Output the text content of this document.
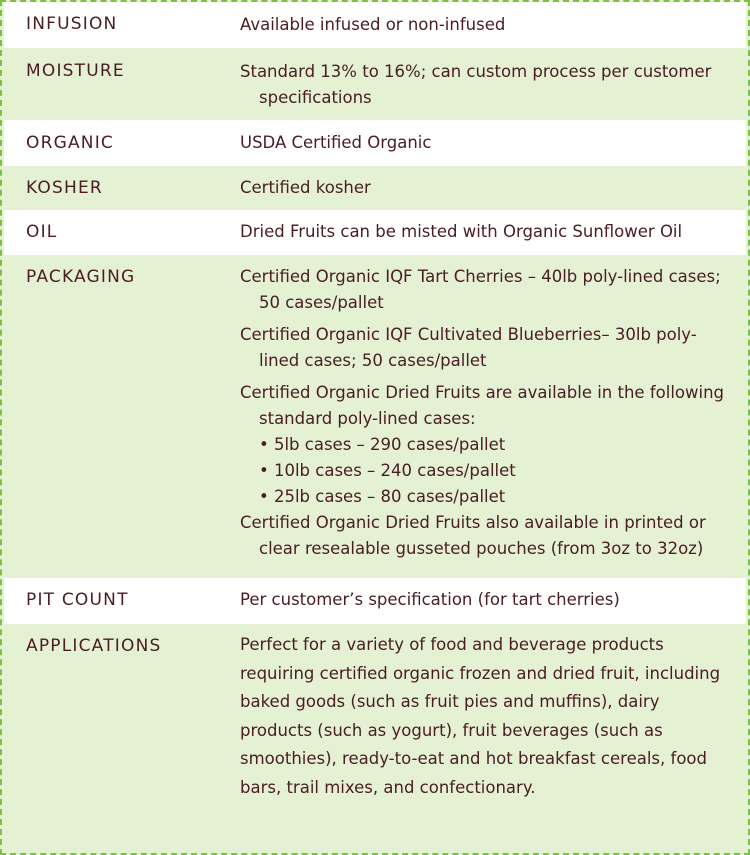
INFUSION	Available infused or non-infused
MOISTURE	Standard 13% to 16%; can custom process per customer specifications
ORGANIC	USDA Certified Organic
KOSHER	Certified kosher
OIL	Dried Fruits can be misted with Organic Sunflower Oil
PACKAGING	Certified Organic IQF Tart Cherries – 40lb poly-lined cases; 50 cases/pallet
Certified Organic IQF Cultivated Blueberries– 30lb poly-lined cases; 50 cases/pallet
Certified Organic Dried Fruits are available in the following standard poly-lined cases:
• 5lb cases – 290 cases/pallet
• 10lb cases – 240 cases/pallet
• 25lb cases – 80 cases/pallet
Certified Organic Dried Fruits also available in printed or clear resealable gusseted pouches (from 3oz to 32oz)
PIT COUNT	Per customer’s specification (for tart cherries)
APPLICATIONS	Perfect for a variety of food and beverage products requiring certified organic frozen and dried fruit, including baked goods (such as fruit pies and muffins), dairy products (such as yogurt), fruit beverages (such as smoothies), ready-to-eat and hot breakfast cereals, food bars, trail mixes, and confectionary.
